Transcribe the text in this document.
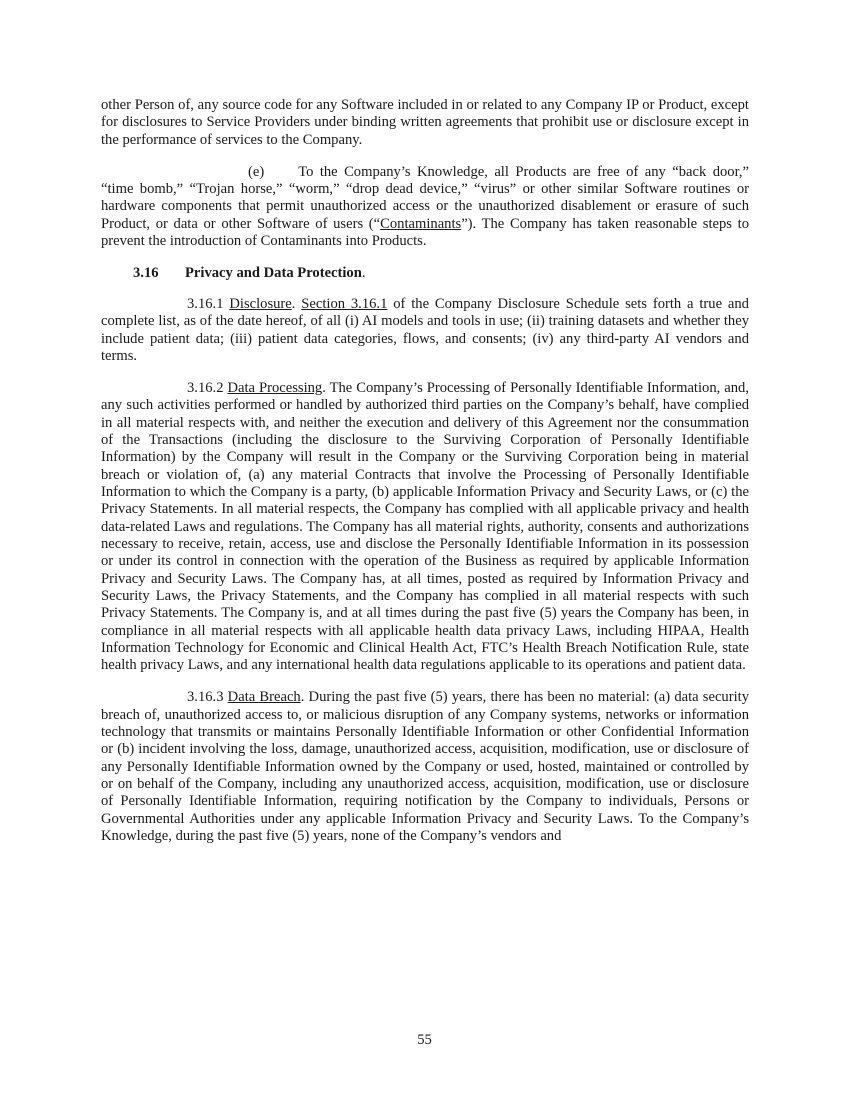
other Person of, any source code for any Software included in or related to any Company IP or Product, except for disclosures to Service Providers under binding written agreements that prohibit use or disclosure except in the performance of services to the Company.

(e) To the Company’s Knowledge, all Products are free of any “back door,” “time bomb,” “Trojan horse,” “worm,” “drop dead device,” “virus” or other similar Software routines or hardware components that permit unauthorized access or the unauthorized disablement or erasure of such Product, or data or other Software of users (“Contaminants”). The Company has taken reasonable steps to prevent the introduction of Contaminants into Products.

3.16 Privacy and Data Protection.

3.16.1 Disclosure. Section 3.16.1 of the Company Disclosure Schedule sets forth a true and complete list, as of the date hereof, of all (i) AI models and tools in use; (ii) training datasets and whether they include patient data; (iii) patient data categories, flows, and consents; (iv) any third-party AI vendors and terms.

3.16.2 Data Processing. The Company’s Processing of Personally Identifiable Information, and, any such activities performed or handled by authorized third parties on the Company’s behalf, have complied in all material respects with, and neither the execution and delivery of this Agreement nor the consummation of the Transactions (including the disclosure to the Surviving Corporation of Personally Identifiable Information) by the Company will result in the Company or the Surviving Corporation being in material breach or violation of, (a) any material Contracts that involve the Processing of Personally Identifiable Information to which the Company is a party, (b) applicable Information Privacy and Security Laws, or (c) the Privacy Statements. In all material respects, the Company has complied with all applicable privacy and health data-related Laws and regulations. The Company has all material rights, authority, consents and authorizations necessary to receive, retain, access, use and disclose the Personally Identifiable Information in its possession or under its control in connection with the operation of the Business as required by applicable Information Privacy and Security Laws. The Company has, at all times, posted as required by Information Privacy and Security Laws, the Privacy Statements, and the Company has complied in all material respects with such Privacy Statements. The Company is, and at all times during the past five (5) years the Company has been, in compliance in all material respects with all applicable health data privacy Laws, including HIPAA, Health Information Technology for Economic and Clinical Health Act, FTC’s Health Breach Notification Rule, state health privacy Laws, and any international health data regulations applicable to its operations and patient data.

3.16.3 Data Breach. During the past five (5) years, there has been no material: (a) data security breach of, unauthorized access to, or malicious disruption of any Company systems, networks or information technology that transmits or maintains Personally Identifiable Information or other Confidential Information or (b) incident involving the loss, damage, unauthorized access, acquisition, modification, use or disclosure of any Personally Identifiable Information owned by the Company or used, hosted, maintained or controlled by or on behalf of the Company, including any unauthorized access, acquisition, modification, use or disclosure of Personally Identifiable Information, requiring notification by the Company to individuals, Persons or Governmental Authorities under any applicable Information Privacy and Security Laws. To the Company’s Knowledge, during the past five (5) years, none of the Company’s vendors and

55
